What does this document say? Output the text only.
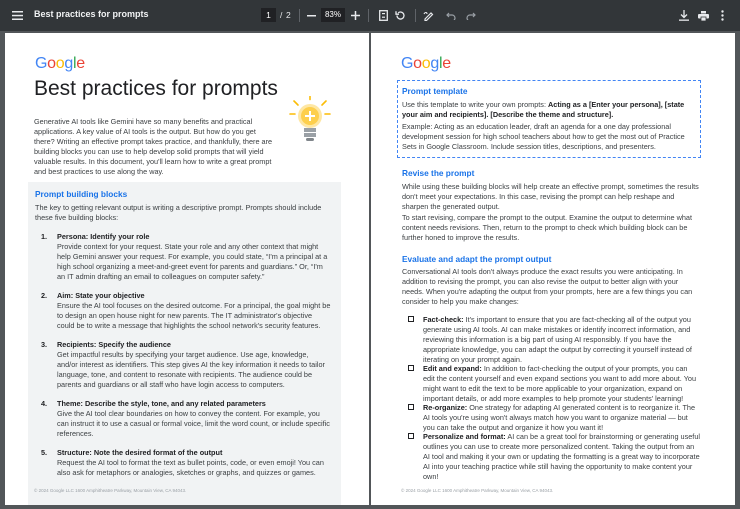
Best practices for prompts	1	/ 2	83%
Google
Best practices for prompts
Generative AI tools like Gemini have so many benefits and practical applications. A key value of AI tools is the output. But how do you get there? Writing an effective prompt takes practice, and thankfully, there are building blocks you can use to help develop solid prompts that will yield valuable results. In this document, you'll learn how to write a great prompt and best practices to use along the way.
Prompt building blocks
The key to getting relevant output is writing a descriptive prompt. Prompts should include these five building blocks:
1. Persona: Identify your role
Provide context for your request. State your role and any other context that might help Gemini answer your request. For example, you could state, “I'm a principal at a high school organizing a meet-and-greet event for parents and guardians.” Or, “I'm an IT admin drafting an email to colleagues on computer safety.”
2. Aim: State your objective
Ensure the AI tool focuses on the desired outcome. For a principal, the goal might be to design an open house night for new parents. The IT administrator's objective could be to write a message that highlights the school network's security features.
3. Recipients: Specify the audience
Get impactful results by specifying your target audience. Use age, knowledge, and/or interest as identifiers. This step gives AI the key information it needs to tailor language, tone, and content to resonate with recipients. The audience could be parents and guardians or all staff who have login access to computers.
4. Theme: Describe the style, tone, and any related parameters
Give the AI tool clear boundaries on how to convey the content. For example, you can instruct it to use a casual or formal voice, limit the word count, or include specific references.
5. Structure: Note the desired format of the output
Request the AI tool to format the text as bullet points, code, or even emoji! You can also ask for metaphors or analogies, sketches or graphs, and quizzes or games.
© 2024 Google LLC 1600 Amphitheatre Parkway, Mountain View, CA 94043.
Google
Prompt template
Use this template to write your own prompts: Acting as a [Enter your persona], [state your aim and recipients]. [Describe the theme and structure].
Example: Acting as an education leader, draft an agenda for a one day professional development session for high school teachers about how to get the most out of Practice Sets in Google Classroom. Include session titles, descriptions, and presenters.
Revise the prompt
While using these building blocks will help create an effective prompt, sometimes the results don't meet your expectations. In this case, revising the prompt can help reshape and sharpen the generated output.
To start revising, compare the prompt to the output. Examine the output to determine what content needs revisions. Then, return to the prompt to check which building block can be further honed to improve the results.
Evaluate and adapt the prompt output
Conversational AI tools don't always produce the exact results you were anticipating. In addition to revising the prompt, you can also revise the output to better align with your needs. When you're adapting the output from your prompts, here are a few things you can consider to help you make changes:
Fact-check: It's important to ensure that you are fact-checking all of the output you generate using AI tools. AI can make mistakes or identify incorrect information, and reviewing this information is a big part of using AI responsibly. If you have the appropriate knowledge, you can adapt the output by correcting it yourself instead of iterating on your prompt again.
Edit and expand: In addition to fact-checking the output of your prompts, you can edit the content yourself and even expand sections you want to add more about. You might want to edit the text to be more applicable to your organization, expand on important details, or add more examples to help promote your students' learning!
Re-organize: One strategy for adapting AI generated content is to reorganize it. The AI tools you're using won't always match how you want to organize material — but you can take the output and organize it how you want it!
Personalize and format: AI can be a great tool for brainstorming or generating useful outlines you can use to create more personalized content. Taking the output from an AI tool and making it your own or updating the formatting is a great way to incorporate AI into your teaching practice while still having the opportunity to make content your own!
© 2024 Google LLC 1600 Amphitheatre Parkway, Mountain View, CA 94043.
